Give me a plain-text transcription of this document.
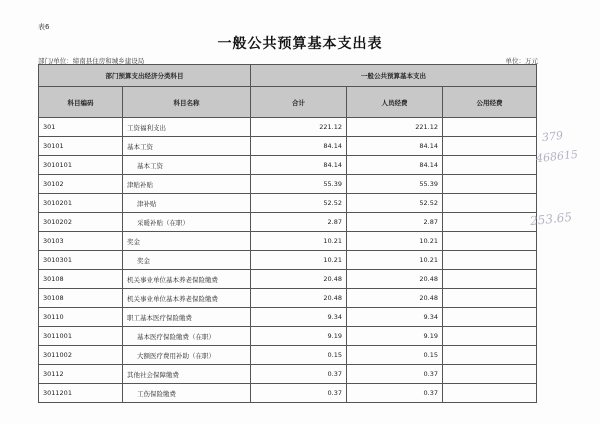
表6
一般公共预算基本支出表
部门/单位：缔南县住房和城乡建设局	单位：万元
部门预算支出经济分类科目		一般公共预算基本支出		
科目编码	科目名称	合计	人员经费	公用经费
301	工资福利支出	221.12	221.12	
30101	基本工资	84.14	84.14	
3010101	基本工资	84.14	84.14	
30102	津贴补贴	55.39	55.39	
3010201	津补贴	52.52	52.52	
3010202	采暖补贴（在职）	2.87	2.87	
30103	奖金	10.21	10.21	
3010301	奖金	10.21	10.21	
30108	机关事业单位基本养老保险缴费	20.48	20.48	
30108	机关事业单位基本养老保险缴费	20.48	20.48	
30110	职工基本医疗保险缴费	9.34	9.34	
3011001	基本医疗保险缴费（在职）	9.19	9.19	
3011002	大额医疗费用补助（在职）	0.15	0.15	
30112	其他社会保障缴费	0.37	0.37	
3011201	工伤保险缴费	0.37	0.37	
379
468615
253.65
